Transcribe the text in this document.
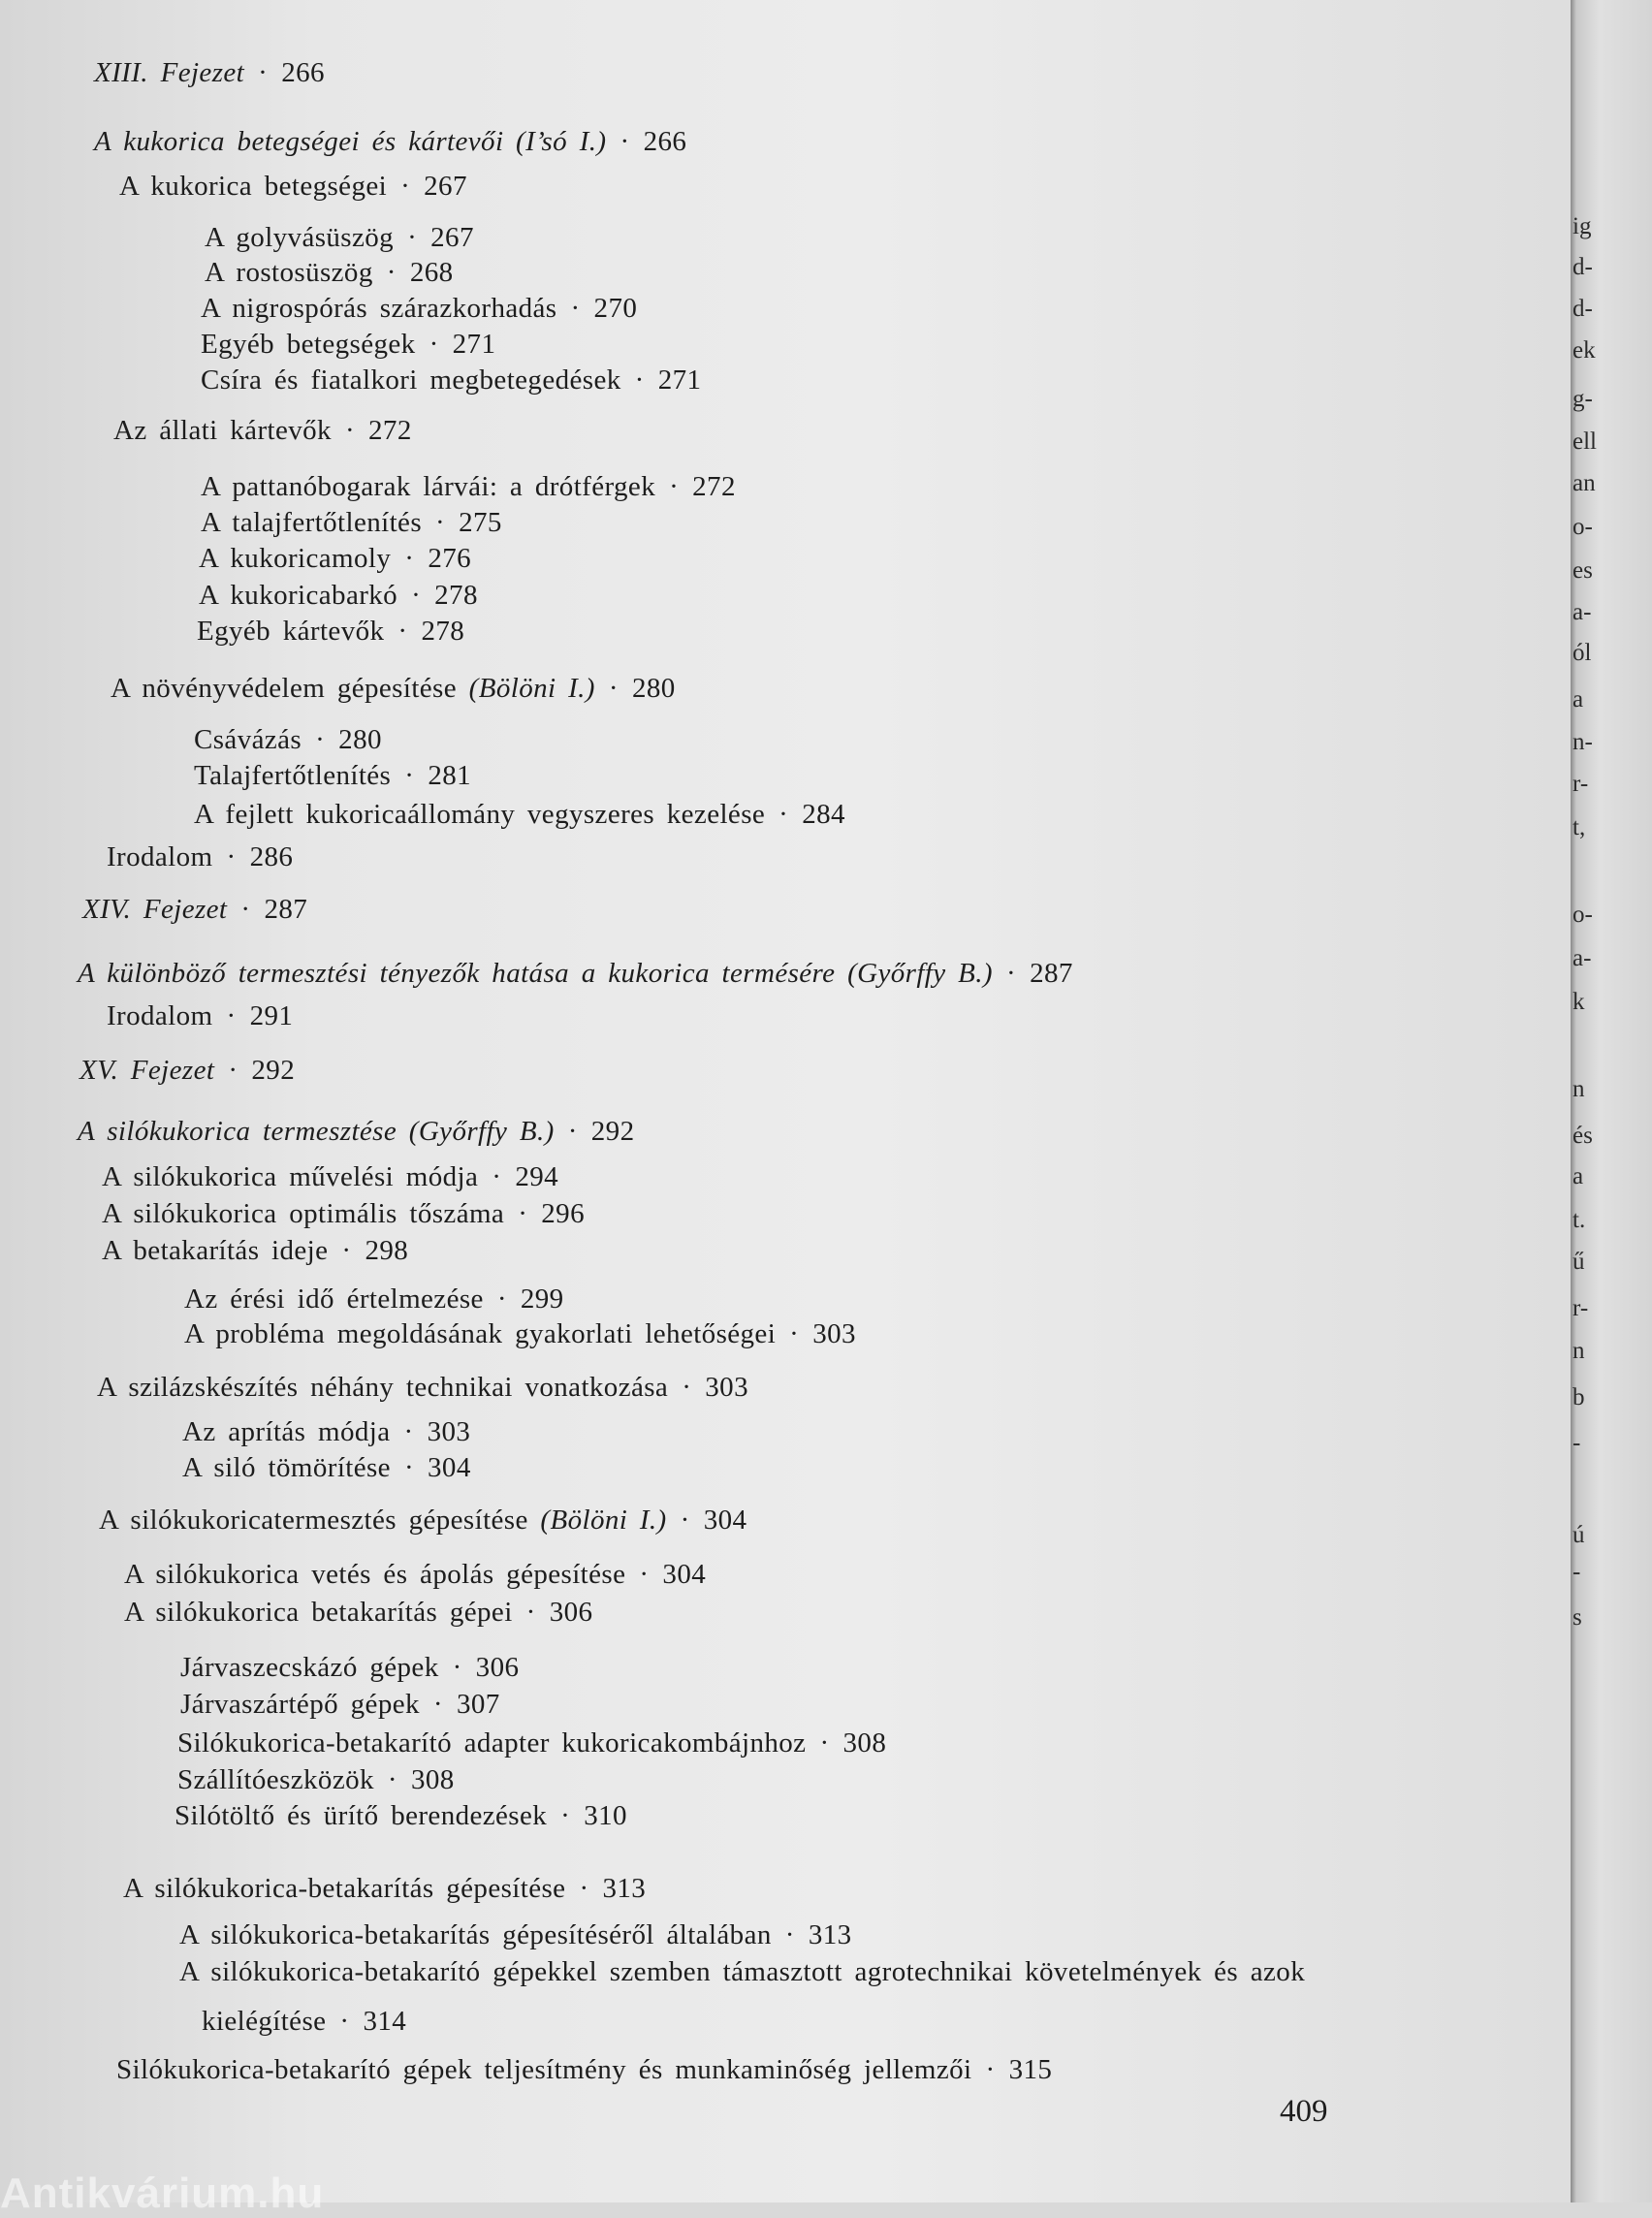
XIII. Fejezet · 266
A kukorica betegségei és kártevői (I’só I.) · 266
A kukorica betegségei · 267
A golyvásüszög · 267
A rostosüszög · 268
A nigrospórás szárazkorhadás · 270
Egyéb betegségek · 271
Csíra és fiatalkori megbetegedések · 271
Az állati kártevők · 272
A pattanóbogarak lárvái: a drótférgek · 272
A talajfertőtlenítés · 275
A kukoricamoly · 276
A kukoricabarkó · 278
Egyéb kártevők · 278
A növényvédelem gépesítése (Bölöni I.) · 280
Csávázás · 280
Talajfertőtlenítés · 281
A fejlett kukoricaállomány vegyszeres kezelése · 284
Irodalom · 286
XIV. Fejezet · 287
A különböző termesztési tényezők hatása a kukorica termésére (Győrffy B.) · 287
Irodalom · 291
XV. Fejezet · 292
A silókukorica termesztése (Győrffy B.) · 292
A silókukorica művelési módja · 294
A silókukorica optimális tőszáma · 296
A betakarítás ideje · 298
Az érési idő értelmezése · 299
A probléma megoldásának gyakorlati lehetőségei · 303
A szilázskészítés néhány technikai vonatkozása · 303
Az aprítás módja · 303
A siló tömörítése · 304
A silókukoricatermesztés gépesítése (Bölöni I.) · 304
A silókukorica vetés és ápolás gépesítése · 304
A silókukorica betakarítás gépei · 306
Járvaszecskázó gépek · 306
Járvaszártépő gépek · 307
Silókukorica-betakarító adapter kukoricakombájnhoz · 308
Szállítóeszközök · 308
Silótöltő és ürítő berendezések · 310
A silókukorica-betakarítás gépesítése · 313
A silókukorica-betakarítás gépesítéséről általában · 313
A silókukorica-betakarító gépekkel szemben támasztott agrotechnikai követelmények és azok
kielégítése · 314
Silókukorica-betakarító gépek teljesítmény és munkaminőség jellemzői · 315
409
ig
d-
d-
ek
g-
ell
an
o-
es
a-
ól
a
n-
r-
t,
o-
a-
k
n
és
a
t.
ű
r-
n
b
-
ú
-
s
Antikvárium.hu
